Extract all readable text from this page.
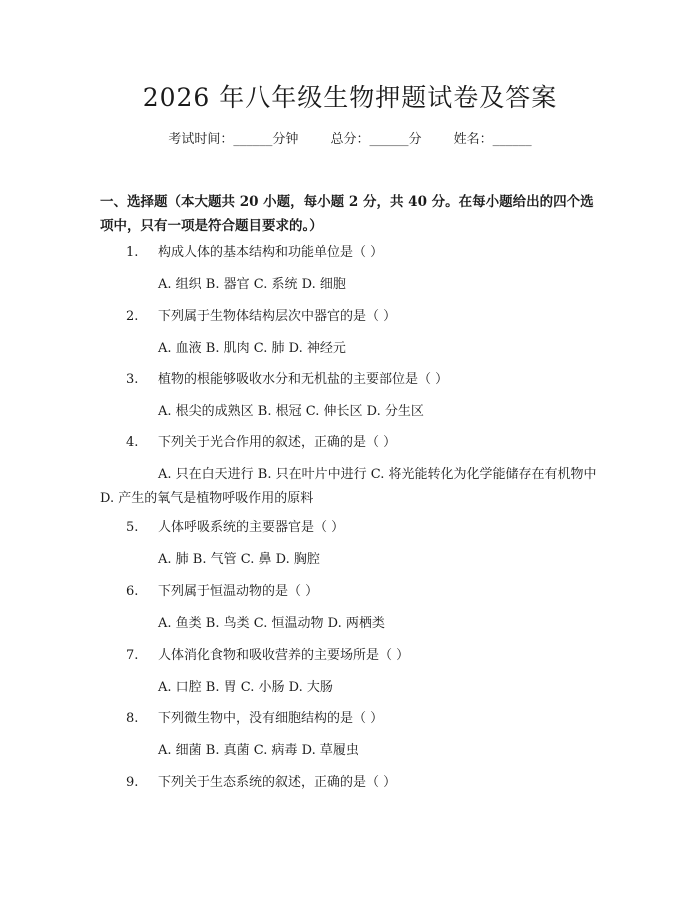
2026 年八年级生物押题试卷及答案
考试时间：______分钟 总分：______分 姓名：______
一、选择题（本大题共 20 小题，每小题 2 分，共 40 分。在每小题给出的四个选项中，只有一项是符合题目要求的。）
1. 构成人体的基本结构和功能单位是（ ）
A. 组织 B. 器官 C. 系统 D. 细胞
2. 下列属于生物体结构层次中器官的是（ ）
A. 血液 B. 肌肉 C. 肺 D. 神经元
3. 植物的根能够吸收水分和无机盐的主要部位是（ ）
A. 根尖的成熟区 B. 根冠 C. 伸长区 D. 分生区
4. 下列关于光合作用的叙述，正确的是（ ）
A. 只在白天进行 B. 只在叶片中进行 C. 将光能转化为化学能储存在有机物中 D. 产生的氧气是植物呼吸作用的原料
5. 人体呼吸系统的主要器官是（ ）
A. 肺 B. 气管 C. 鼻 D. 胸腔
6. 下列属于恒温动物的是（ ）
A. 鱼类 B. 鸟类 C. 恒温动物 D. 两栖类
7. 人体消化食物和吸收营养的主要场所是（ ）
A. 口腔 B. 胃 C. 小肠 D. 大肠
8. 下列微生物中，没有细胞结构的是（ ）
A. 细菌 B. 真菌 C. 病毒 D. 草履虫
9. 下列关于生态系统的叙述，正确的是（ ）
